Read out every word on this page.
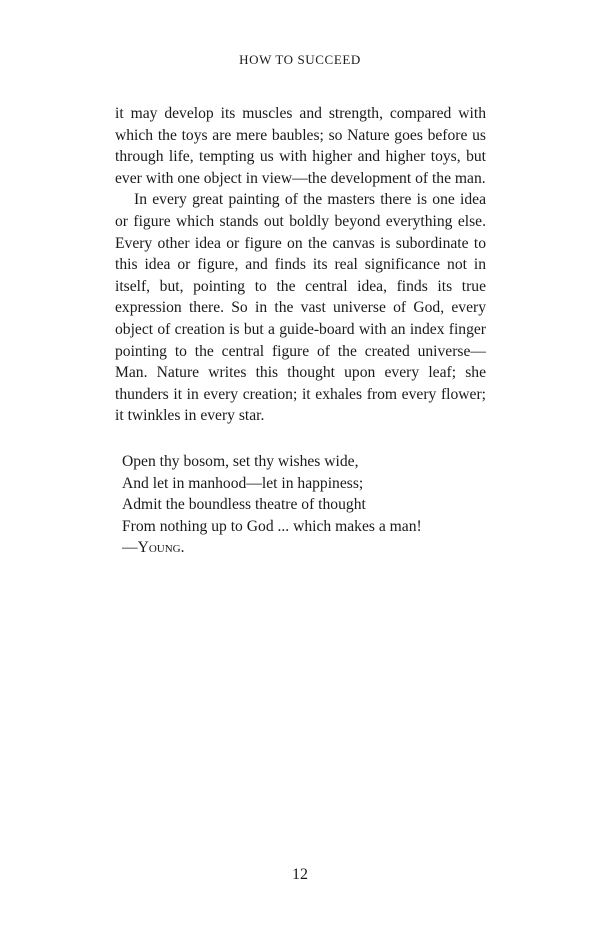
HOW TO SUCCEED

it may develop its muscles and strength, compared with which the toys are mere baubles; so Nature goes before us through life, tempting us with higher and higher toys, but ever with one object in view—the development of the man.

In every great painting of the masters there is one idea or figure which stands out boldly beyond everything else. Every other idea or figure on the canvas is subordinate to this idea or figure, and finds its real significance not in itself, but, pointing to the central idea, finds its true expression there. So in the vast universe of God, every object of creation is but a guide-board with an index finger pointing to the central figure of the created universe—Man. Nature writes this thought upon every leaf; she thunders it in every creation; it exhales from every flower; it twinkles in every star.

Open thy bosom, set thy wishes wide,
And let in manhood—let in happiness;
Admit the boundless theatre of thought
From nothing up to God ... which makes a man!
—Young.
12
